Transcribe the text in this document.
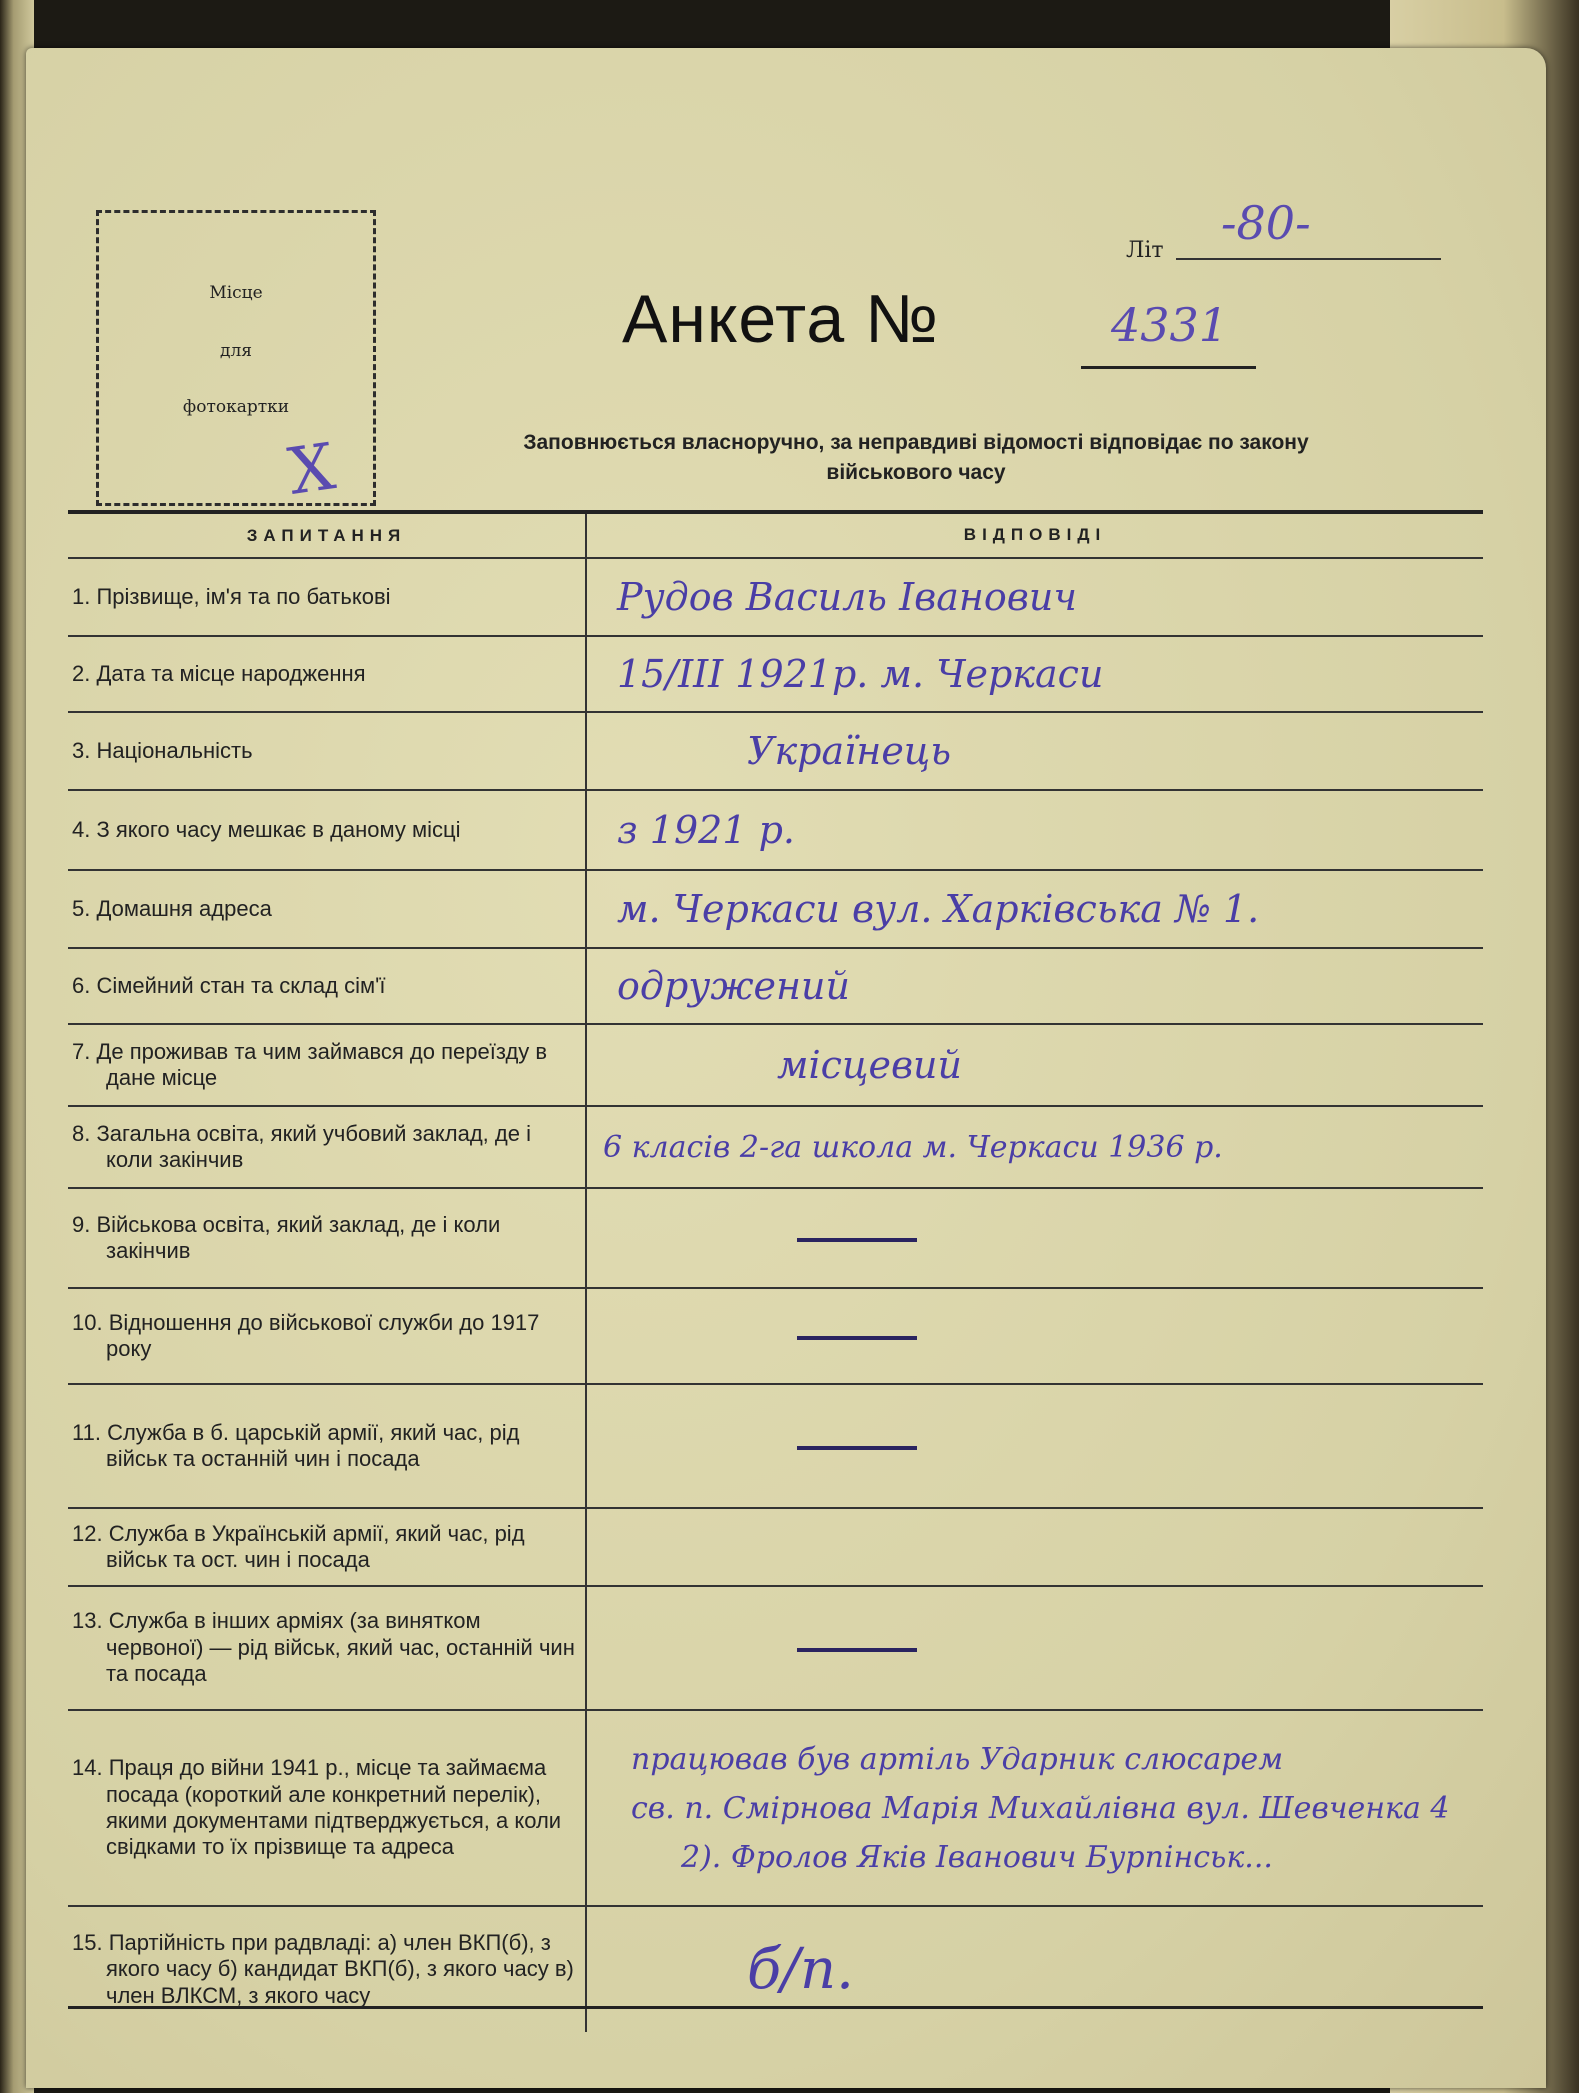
Місце
для
фотокартки
X
Літ
-80-
Анкета №	4331
Заповнюється власноручно, за неправдиві відомості відповідає по закону
військового часу
ЗАПИТАННЯ	ВІДПОВІДІ
1. Прізвище, ім'я та по батькові	Рудов Василь Іванович
2. Дата та місце народження	15/III 1921р. м. Черкаси
3. Національність	Українець
4. З якого часу мешкає в даному місці	з 1921 р.
5. Домашня адреса	м. Черкаси вул. Харківська № 1.
6. Сімейний стан та склад сім'ї	одружений
7. Де проживав та чим займався до переїзду в дане місце	місцевий
8. Загальна освіта, який учбовий заклад, де і коли закінчив	6 класів 2-га школа м. Черкаси 1936 р.
9. Військова освіта, який заклад, де і коли закінчив	
10. Відношення до військової служби до 1917 року	
11. Служба в б. царській армії, який час, рід військ та останній чин і посада	
12. Служба в Українській армії, який час, рід військ та ост. чин і посада	
13. Служба в інших арміях (за винятком червоної) — рід військ, який час, останній чин та посада	
14. Праця до війни 1941 р., місце та займаєма посада (короткий але конкретний перелік), якими документами підтверджується, а коли свідками то їх прізвище та адреса	працював був артіль Ударник слюсарем
св. п. Смірнова Марія Михайлівна вул. Шевченка 4
2). Фролов Яків Іванович Бурпінськ...

15. Партійність при радвладі: а) член ВКП(б), з якого часу б) кандидат ВКП(б), з якого часу в) член ВЛКСМ, з якого часу	б/п.
